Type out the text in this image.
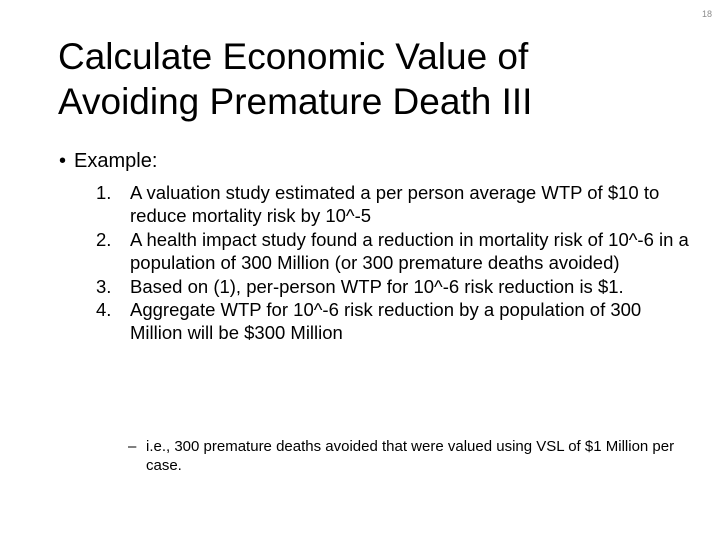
18
Calculate Economic Value of
Avoiding Premature Death III
• Example:
1. A valuation study estimated a per person average WTP of $10 to reduce mortality risk by 10^-5
2. A health impact study found a reduction in mortality risk of 10^-6 in a population of 300 Million (or 300 premature deaths avoided)
3. Based on (1), per-person WTP for 10^-6 risk reduction is $1.
4. Aggregate WTP for 10^-6 risk reduction by a population of 300 Million will be $300 Million
– i.e., 300 premature deaths avoided that were valued using VSL of $1 Million per case.
